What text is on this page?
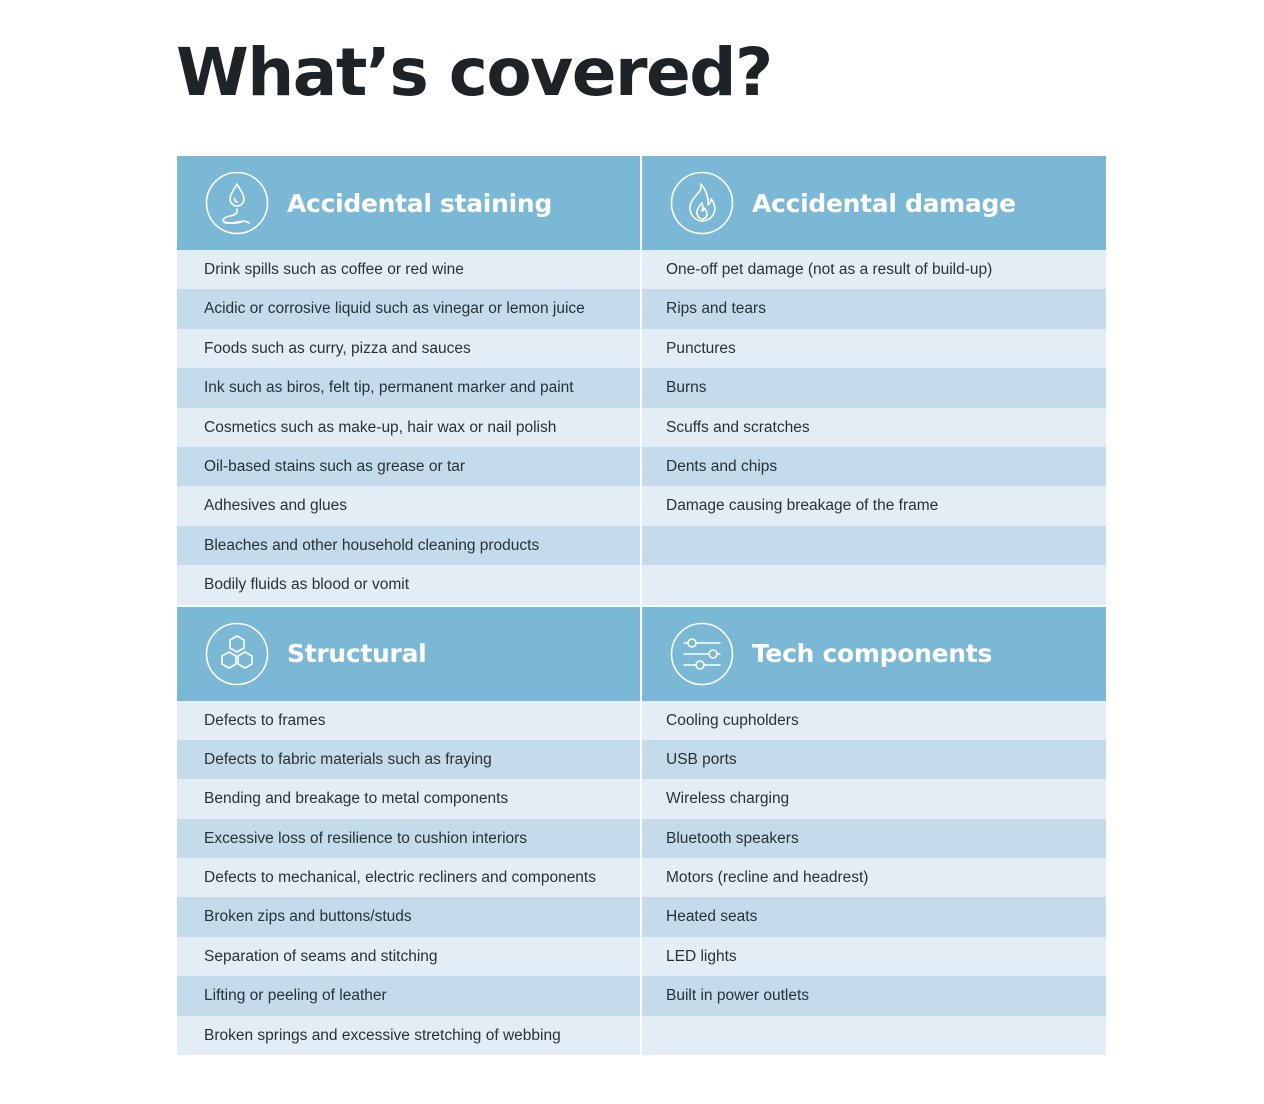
What’s covered?
Accidental staining
Drink spills such as coffee or red wine
Acidic or corrosive liquid such as vinegar or lemon juice
Foods such as curry, pizza and sauces
Ink such as biros, felt tip, permanent marker and paint
Cosmetics such as make-up, hair wax or nail polish
Oil-based stains such as grease or tar
Adhesives and glues
Bleaches and other household cleaning products
Bodily fluids as blood or vomit
Accidental damage
One-off pet damage (not as a result of build-up)
Rips and tears
Punctures
Burns
Scuffs and scratches
Dents and chips
Damage causing breakage of the frame
Structural
Defects to frames
Defects to fabric materials such as fraying
Bending and breakage to metal components
Excessive loss of resilience to cushion interiors
Defects to mechanical, electric recliners and components
Broken zips and buttons/studs
Separation of seams and stitching
Lifting or peeling of leather
Broken springs and excessive stretching of webbing
Tech components
Cooling cupholders
USB ports
Wireless charging
Bluetooth speakers
Motors (recline and headrest)
Heated seats
LED lights
Built in power outlets
